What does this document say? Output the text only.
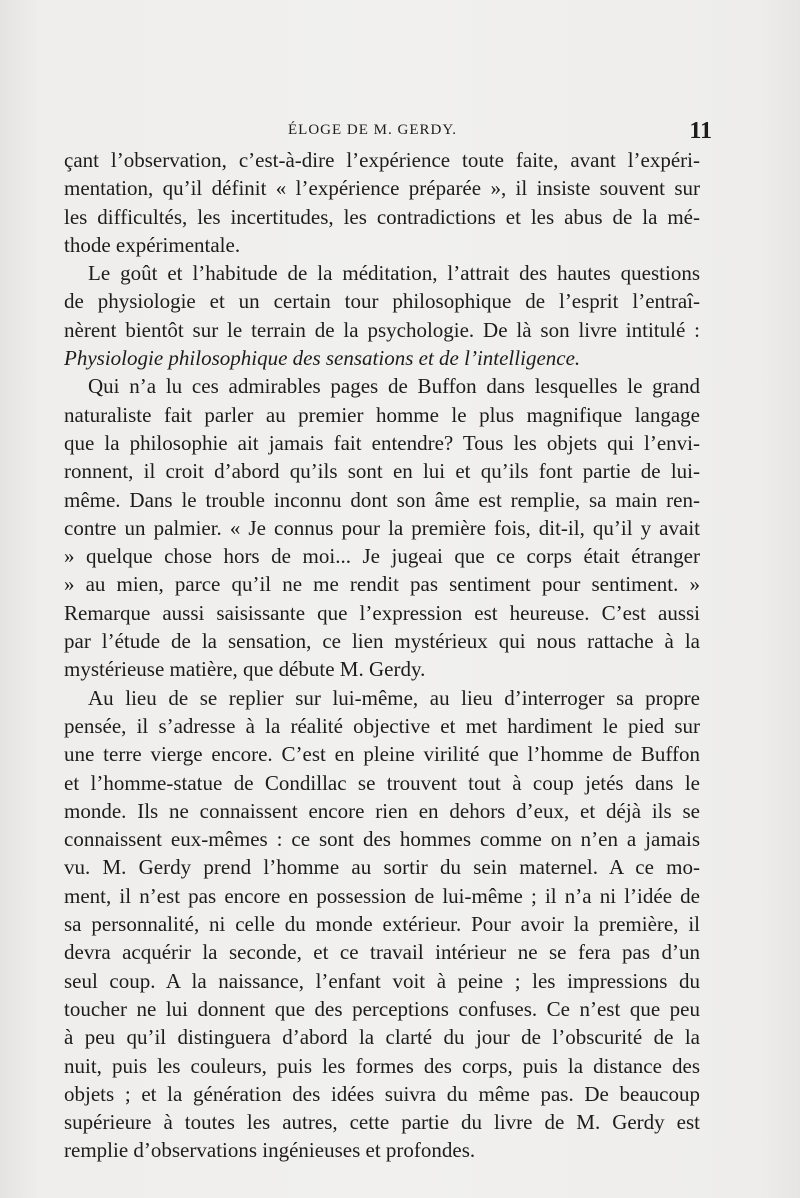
ÉLOGE DE M. GERDY.	11
çant l’observation, c’est-à-dire l’expérience toute faite, avant l’expéri-
mentation, qu’il définit « l’expérience préparée », il insiste souvent sur
les difficultés, les incertitudes, les contradictions et les abus de la mé-
thode expérimentale.
Le goût et l’habitude de la méditation, l’attrait des hautes questions
de physiologie et un certain tour philosophique de l’esprit l’entraî-
nèrent bientôt sur le terrain de la psychologie. De là son livre intitulé :
Physiologie philosophique des sensations et de l’intelligence.
Qui n’a lu ces admirables pages de Buffon dans lesquelles le grand
naturaliste fait parler au premier homme le plus magnifique langage
que la philosophie ait jamais fait entendre? Tous les objets qui l’envi-
ronnent, il croit d’abord qu’ils sont en lui et qu’ils font partie de lui-
même. Dans le trouble inconnu dont son âme est remplie, sa main ren-
contre un palmier. « Je connus pour la première fois, dit-il, qu’il y avait
» quelque chose hors de moi... Je jugeai que ce corps était étranger
» au mien, parce qu’il ne me rendit pas sentiment pour sentiment. »
Remarque aussi saisissante que l’expression est heureuse. C’est aussi
par l’étude de la sensation, ce lien mystérieux qui nous rattache à la
mystérieuse matière, que débute M. Gerdy.
Au lieu de se replier sur lui-même, au lieu d’interroger sa propre
pensée, il s’adresse à la réalité objective et met hardiment le pied sur
une terre vierge encore. C’est en pleine virilité que l’homme de Buffon
et l’homme-statue de Condillac se trouvent tout à coup jetés dans le
monde. Ils ne connaissent encore rien en dehors d’eux, et déjà ils se
connaissent eux-mêmes : ce sont des hommes comme on n’en a jamais
vu. M. Gerdy prend l’homme au sortir du sein maternel. A ce mo-
ment, il n’est pas encore en possession de lui-même ; il n’a ni l’idée de
sa personnalité, ni celle du monde extérieur. Pour avoir la première, il
devra acquérir la seconde, et ce travail intérieur ne se fera pas d’un
seul coup. A la naissance, l’enfant voit à peine ; les impressions du
toucher ne lui donnent que des perceptions confuses. Ce n’est que peu
à peu qu’il distinguera d’abord la clarté du jour de l’obscurité de la
nuit, puis les couleurs, puis les formes des corps, puis la distance des
objets ; et la génération des idées suivra du même pas. De beaucoup
supérieure à toutes les autres, cette partie du livre de M. Gerdy est
remplie d’observations ingénieuses et profondes.
